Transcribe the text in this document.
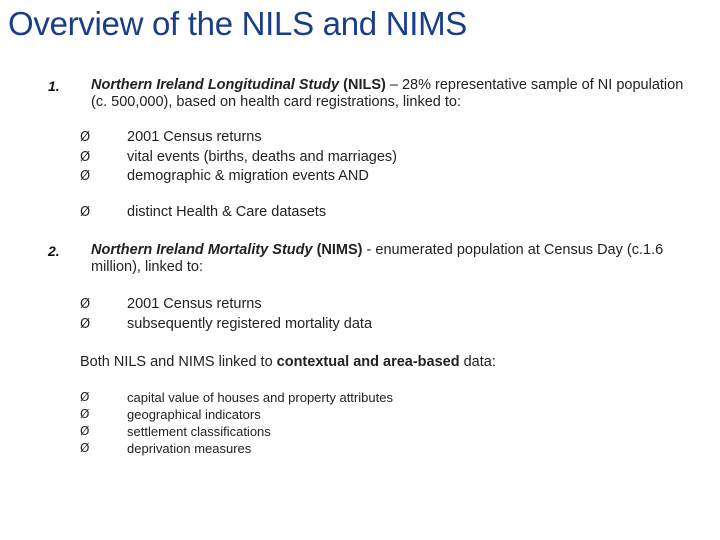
Overview of the NILS and NIMS
1. Northern Ireland Longitudinal Study (NILS) – 28% representative sample of NI population (c. 500,000), based on health card registrations, linked to:
Ø	2001 Census returns
Ø	vital events (births, deaths and marriages)
Ø	demographic & migration events AND
Ø	distinct Health & Care datasets
2. Northern Ireland Mortality Study (NIMS) - enumerated population at Census Day (c.1.6 million), linked to:
Ø	2001 Census returns
Ø	subsequently registered mortality data
Both NILS and NIMS linked to contextual and area-based data:
Ø	capital value of houses and property attributes
Ø	geographical indicators
Ø	settlement classifications
Ø	deprivation measures
